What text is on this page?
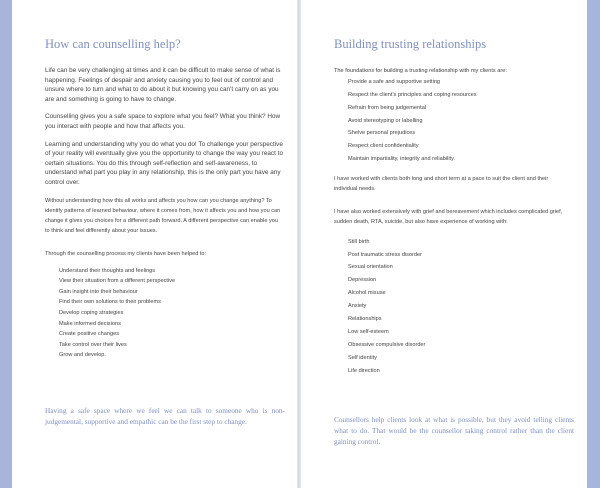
How can counselling help?

Life can be very challenging at times and it can be difficult to make sense of what is happening. Feelings of despair and anxiety causing you to feel out of control and unsure where to turn and what to do about it but knowing you can't carry on as you are and something is going to have to change.

Counselling gives you a safe space to explore what you feel? What you think? How you interact with people and how that affects you.

Learning and understanding why you do what you do! To challenge your perspective of your reality will eventually give you the opportunity to change the way you react to certain situations. You do this through self-reflection and self-awareness, to understand what part you play in any relationship, this is the only part you have any control over.

Without understanding how this all works and affects you how can you change anything? To identify patterns of learned behaviour, where it comes from, how it affects you and how you can change it gives you choices for a different path forward. A different perspective can enable you to think and feel differently about your issues.

Through the counselling process my clients have been helped to:

Understand their thoughts and feelings
View their situation from a different perspective
Gain insight into their behaviour
Find their own solutions to their problems
Develop coping strategies
Make informed decisions
Create positive changes
Take control over their lives
Grow and develop.

Having a safe space where we feel we can talk to someone who is non-judgemental, supportive and empathic can be the first step to change.

Building trusting relationships

The foundations for building a trusting relationship with my clients are:

Provide a safe and supportive setting
Respect the client's principles and coping resources
Refrain from being judgemental
Avoid stereotyping or labelling
Shelve personal prejudices
Respect client confidentiality
Maintain impartiality, integrity and reliability.

I have worked with clients both long and short term at a pace to suit the client and their individual needs.

I have also worked extensively with grief and bereavement which includes complicated grief, sudden death, RTA, suicide, but also have experience of working with:

Still birth
Post traumatic stress disorder
Sexual orientation
Depression
Alcohol misuse
Anxiety
Relationships
Low self-esteem
Obsessive compulsive disorder
Self identity
Life direction

Counsellors help clients look at what is possible, but they avoid telling clients what to do. That would be the counsellor taking control rather than the client gaining control.
